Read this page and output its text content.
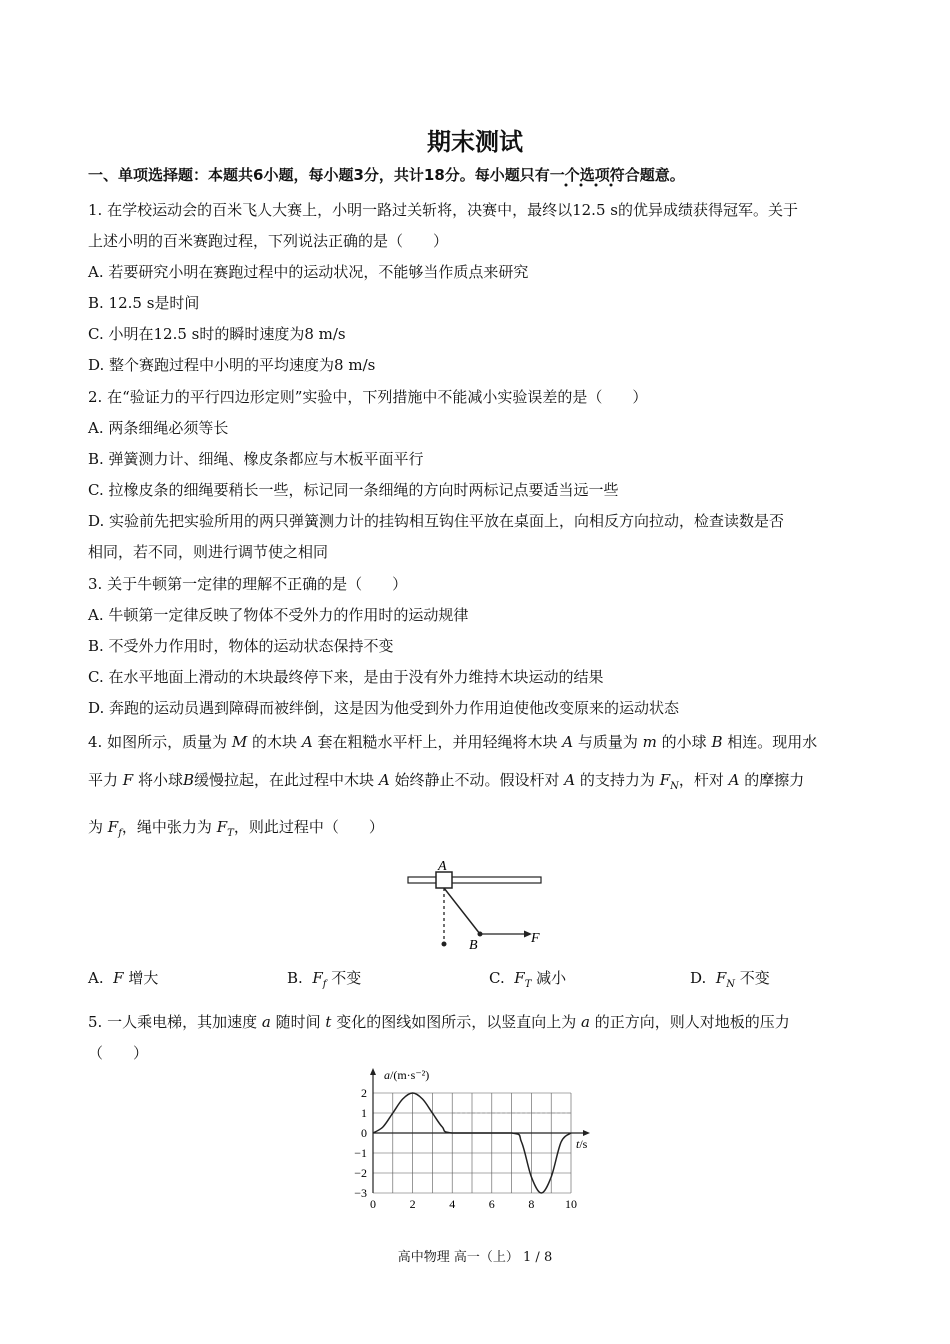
期末测试
一、单项选择题：本题共6小题，每小题3分，共计18分。每小题只有一个选项符合题意。
1. 在学校运动会的百米飞人大赛上，小明一路过关斩将，决赛中，最终以12.5 s的优异成绩获得冠军。关于
上述小明的百米赛跑过程，下列说法正确的是（　　）
A. 若要研究小明在赛跑过程中的运动状况，不能够当作质点来研究
B. 12.5 s是时间
C. 小明在12.5 s时的瞬时速度为8 m/s
D. 整个赛跑过程中小明的平均速度为8 m/s
2. 在“验证力的平行四边形定则”实验中，下列措施中不能减小实验误差的是（　　）
A. 两条细绳必须等长
B. 弹簧测力计、细绳、橡皮条都应与木板平面平行
C. 拉橡皮条的细绳要稍长一些，标记同一条细绳的方向时两标记点要适当远一些
D. 实验前先把实验所用的两只弹簧测力计的挂钩相互钩住平放在桌面上，向相反方向拉动，检查读数是否
相同，若不同，则进行调节使之相同
3. 关于牛顿第一定律的理解不正确的是（　　）
A. 牛顿第一定律反映了物体不受外力的作用时的运动规律
B. 不受外力作用时，物体的运动状态保持不变
C. 在水平地面上滑动的木块最终停下来，是由于没有外力维持木块运动的结果
D. 奔跑的运动员遇到障碍而被绊倒，这是因为他受到外力作用迫使他改变原来的运动状态
4. 如图所示，质量为 M 的木块 A 套在粗糙水平杆上，并用轻绳将木块 A 与质量为 m 的小球 B 相连。现用水
平力 F 将小球B缓慢拉起，在此过程中木块 A 始终静止不动。假设杆对 A 的支持力为 $F_N$，杆对 A 的摩擦力
为 $F_f$，绳中张力为 $F_T$，则此过程中（　　）
A
B	F
A. F 增大	B. $F_f$ 不变	C. $F_T$ 减小	D. $F_N$ 不变
5. 一人乘电梯，其加速度 a 随时间 t 变化的图线如图所示，以竖直向上为 a 的正方向，则人对地板的压力
（　　）
2
1
0
−1
−2
−3
0	2	4	6	8	10
a/(m·s⁻²)
t/s
高中物理 高一（上） 1 / 8
